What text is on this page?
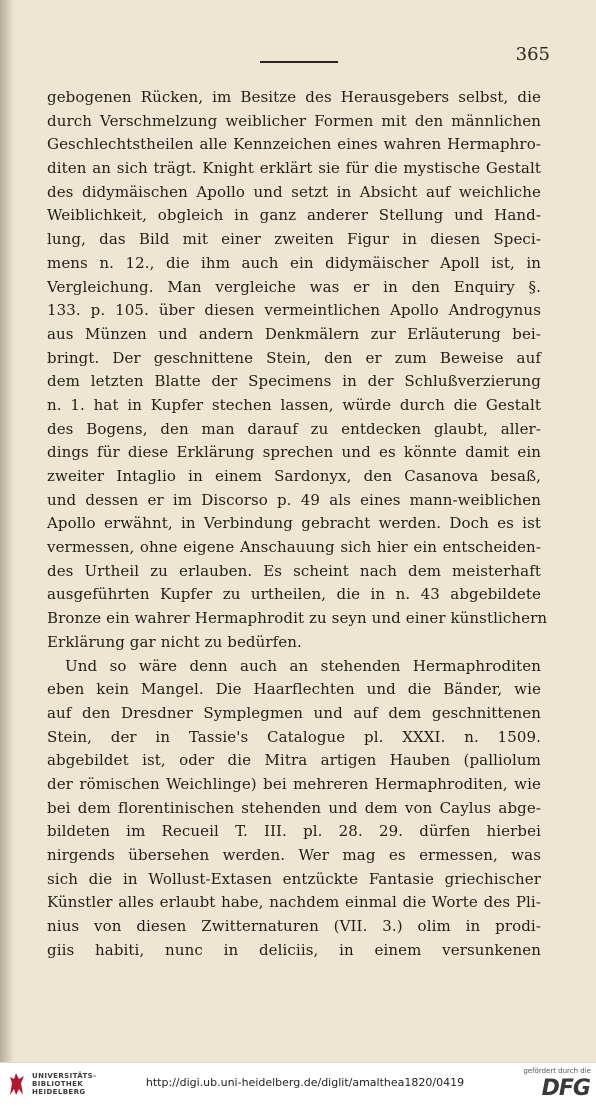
365
gebogenen Rücken, im Besitze des Herausgebers selbst, die
durch Verschmelzung weiblicher Formen mit den männlichen
Geschlechtstheilen alle Kennzeichen eines wahren Hermaphro-
diten an sich trägt. Knight erklärt sie für die mystische Gestalt
des didymäischen Apollo und setzt in Absicht auf weichliche
Weiblichkeit, obgleich in ganz anderer Stellung und Hand-
lung, das Bild mit einer zweiten Figur in diesen Speci-
mens n. 12., die ihm auch ein didymäischer Apoll ist, in
Vergleichung. Man vergleiche was er in den Enquiry §.
133. p. 105. über diesen vermeintlichen Apollo Androgynus
aus Münzen und andern Denkmälern zur Erläuterung bei-
bringt. Der geschnittene Stein, den er zum Beweise auf
dem letzten Blatte der Specimens in der Schlußverzierung
n. 1. hat in Kupfer stechen lassen, würde durch die Gestalt
des Bogens, den man darauf zu entdecken glaubt, aller-
dings für diese Erklärung sprechen und es könnte damit ein
zweiter Intaglio in einem Sardonyx, den Casanova besaß,
und dessen er im Discorso p. 49 als eines mann-weiblichen
Apollo erwähnt, in Verbindung gebracht werden. Doch es ist
vermessen, ohne eigene Anschauung sich hier ein entscheiden-
des Urtheil zu erlauben. Es scheint nach dem meisterhaft
ausgeführten Kupfer zu urtheilen, die in n. 43 abgebildete
Bronze ein wahrer Hermaphrodit zu seyn und einer künstlichern
Erklärung gar nicht zu bedürfen.
Und so wäre denn auch an stehenden Hermaphroditen
eben kein Mangel. Die Haarflechten und die Bänder, wie
auf den Dresdner Symplegmen und auf dem geschnittenen
Stein, der in Tassie's Catalogue pl. XXXI. n. 1509.
abgebildet ist, oder die Mitra artigen Hauben (palliolum
der römischen Weichlinge) bei mehreren Hermaphroditen, wie
bei dem florentinischen stehenden und dem von Caylus abge-
bildeten im Recueil T. III. pl. 28. 29. dürfen hierbei
nirgends übersehen werden. Wer mag es ermessen, was
sich die in Wollust-Extasen entzückte Fantasie griechischer
Künstler alles erlaubt habe, nachdem einmal die Worte des Pli-
nius von diesen Zwitternaturen (VII. 3.) olim in prodi-
giis habiti, nunc in deliciis, in einem versunkenen
UNIVERSITÄTS-
BIBLIOTHEK
HEIDELBERG
http://digi.ub.uni-heidelberg.de/diglit/amalthea1820/0419
gefördert durch die
DFG
